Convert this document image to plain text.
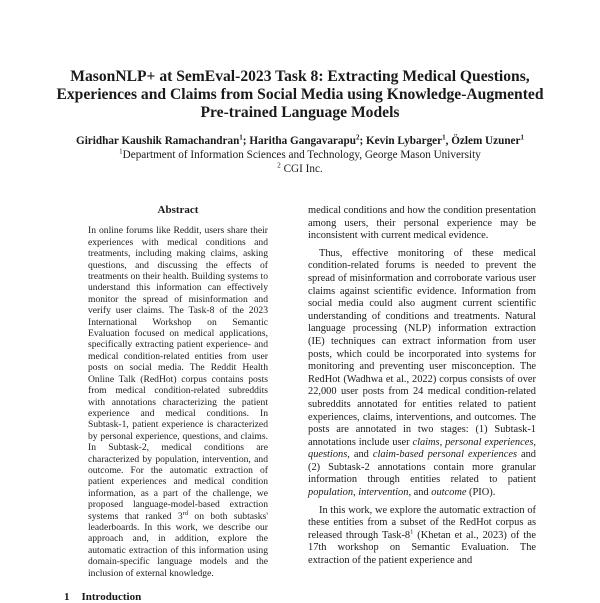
MasonNLP+ at SemEval-2023 Task 8: Extracting Medical Questions,
Experiences and Claims from Social Media using Knowledge-Augmented
Pre-trained Language Models
Giridhar Kaushik Ramachandran$^1$; Haritha Gangavarapu$^2$; Kevin Lybarger$^1$, Özlem Uzuner$^1$
$^1$Department of Information Sciences and Technology, George Mason University
$^2$ CGI Inc.
Abstract

In online forums like Reddit, users share their experiences with medical conditions and treatments, including making claims, asking questions, and discussing the effects of treatments on their health. Building systems to understand this information can effectively monitor the spread of misinformation and verify user claims. The Task-8 of the 2023 International Workshop on Semantic Evaluation focused on medical applications, specifically extracting patient experience- and medical condition-related entities from user posts on social media. The Reddit Health Online Talk (RedHot) corpus contains posts from medical condition-related subreddits with annotations characterizing the patient experience and medical conditions. In Subtask-1, patient experience is characterized by personal experience, questions, and claims. In Subtask-2, medical conditions are characterized by population, intervention, and outcome. For the automatic extraction of patient experiences and medical condition information, as a part of the challenge, we proposed language-model-based extraction systems that ranked 3rd on both subtasks' leaderboards. In this work, we describe our approach and, in addition, explore the automatic extraction of this information using domain-specific language models and the inclusion of external knowledge.

1 Introduction

medical conditions and how the condition presentation among users, their personal experience may be inconsistent with current medical evidence.

Thus, effective monitoring of these medical condition-related forums is needed to prevent the spread of misinformation and corroborate various user claims against scientific evidence. Information from social media could also augment current scientific understanding of conditions and treatments. Natural language processing (NLP) information extraction (IE) techniques can extract information from user posts, which could be incorporated into systems for monitoring and preventing user misconception. The RedHot (Wadhwa et al., 2022) corpus consists of over 22,000 user posts from 24 medical condition-related subreddits annotated for entities related to patient experiences, claims, interventions, and outcomes. The posts are annotated in two stages: (1) Subtask-1 annotations include user claims, personal experiences, questions, and claim-based personal experiences and (2) Subtask-2 annotations contain more granular information through entities related to patient population, intervention, and outcome (PIO).

In this work, we explore the automatic extraction of these entities from a subset of the RedHot corpus as released through Task-$8^1$ (Khetan et al., 2023) of the 17th workshop on Semantic Evaluation. The extraction of the patient experience and
